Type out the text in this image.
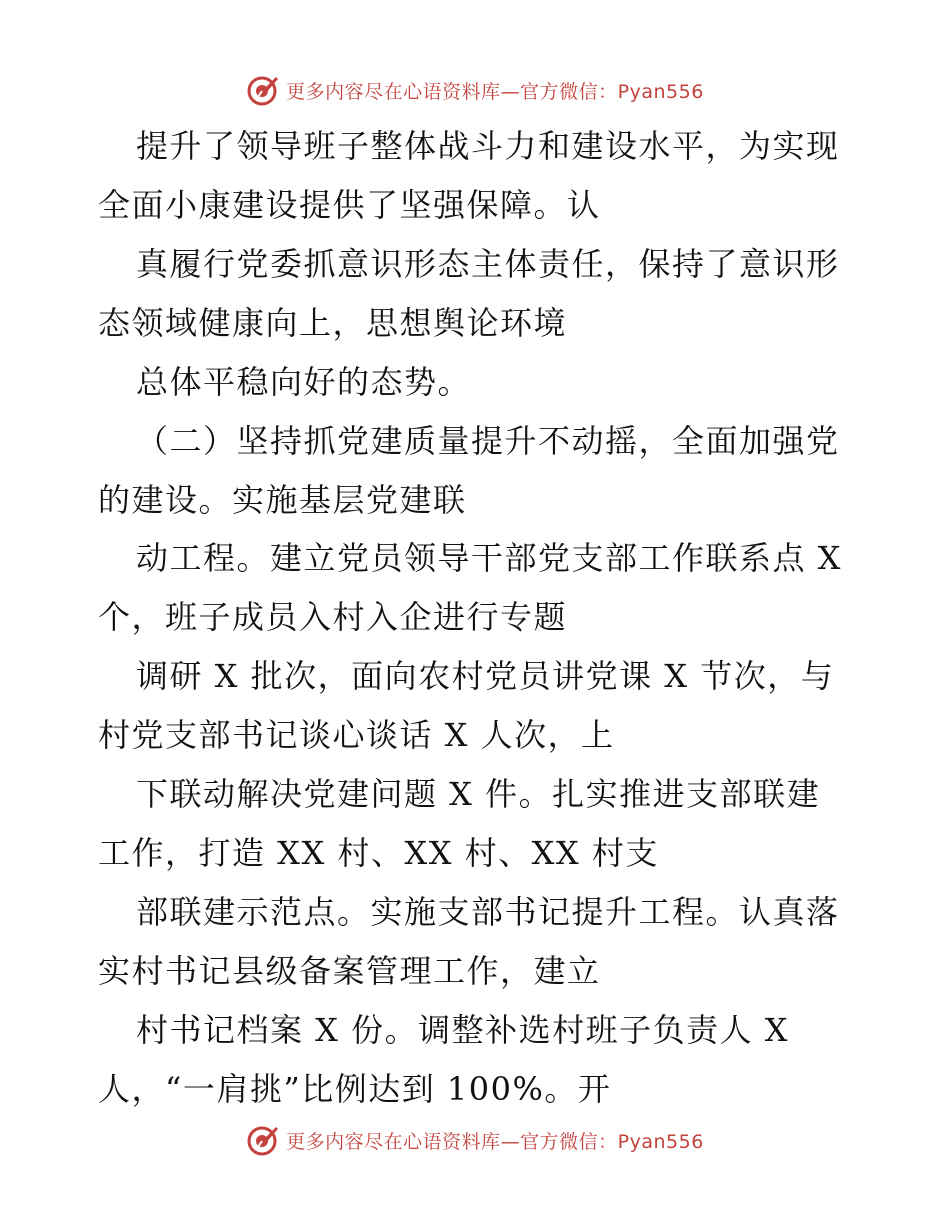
更多内容尽在心语资料库—官方微信：Pyan556
提升了领导班子整体战斗力和建设水平，为实现
全面小康建设提供了坚强保障。认
真履行党委抓意识形态主体责任，保持了意识形
态领域健康向上，思想舆论环境
总体平稳向好的态势。
（二）坚持抓党建质量提升不动摇，全面加强党
的建设。实施基层党建联
动工程。建立党员领导干部党支部工作联系点 X
个，班子成员入村入企进行专题
调研 X 批次，面向农村党员讲党课 X 节次，与
村党支部书记谈心谈话 X 人次，上
下联动解决党建问题 X 件。扎实推进支部联建
工作，打造 XX 村、XX 村、XX 村支
部联建示范点。实施支部书记提升工程。认真落
实村书记县级备案管理工作，建立
村书记档案 X 份。调整补选村班子负责人 X
人，“一肩挑”比例达到 100%。开
更多内容尽在心语资料库—官方微信：Pyan556
